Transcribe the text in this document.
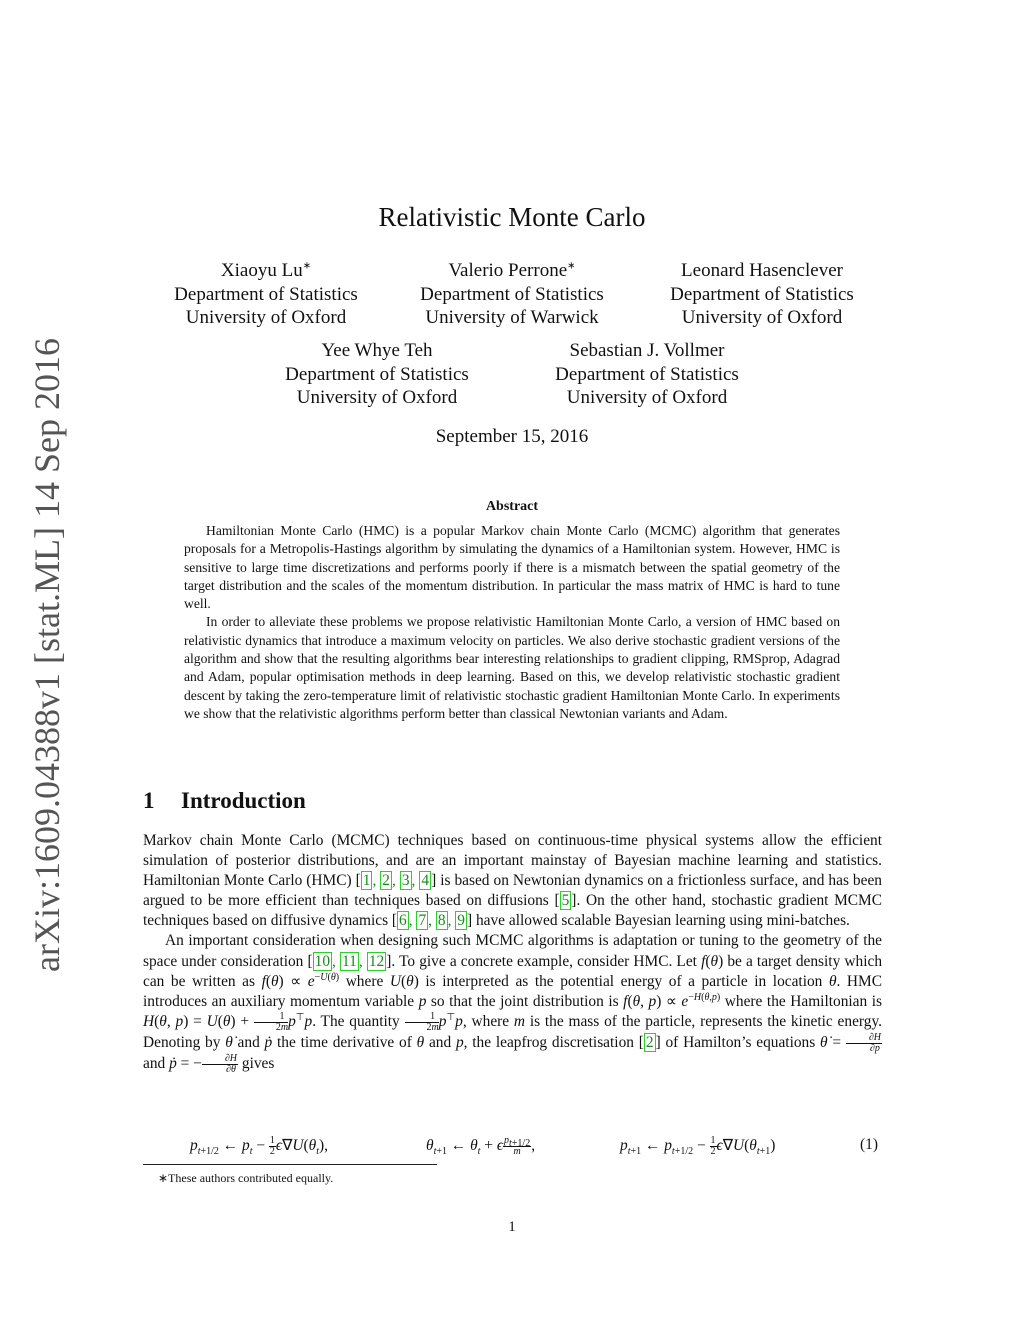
arXiv:1609.04388v1 [stat.ML] 14 Sep 2016
Relativistic Monte Carlo
Xiaoyu Lu∗
Department of Statistics
University of Oxford
Valerio Perrone∗
Department of Statistics
University of Warwick
Leonard Hasenclever
Department of Statistics
University of Oxford
Yee Whye Teh
Department of Statistics
University of Oxford
Sebastian J. Vollmer
Department of Statistics
University of Oxford
September 15, 2016
Abstract

Hamiltonian Monte Carlo (HMC) is a popular Markov chain Monte Carlo (MCMC) algorithm that generates proposals for a Metropolis-Hastings algorithm by simulating the dynamics of a Hamiltonian system. However, HMC is sensitive to large time discretizations and performs poorly if there is a mismatch between the spatial geometry of the target distribution and the scales of the momentum distribution. In particular the mass matrix of HMC is hard to tune well.

In order to alleviate these problems we propose relativistic Hamiltonian Monte Carlo, a version of HMC based on relativistic dynamics that introduce a maximum velocity on particles. We also derive stochastic gradient versions of the algorithm and show that the resulting algorithms bear interesting relationships to gradient clipping, RMSprop, Adagrad and Adam, popular optimisation methods in deep learning. Based on this, we develop relativistic stochastic gradient descent by taking the zero-temperature limit of relativistic stochastic gradient Hamiltonian Monte Carlo. In experiments we show that the relativistic algorithms perform better than classical Newtonian variants and Adam.

1 Introduction

Markov chain Monte Carlo (MCMC) techniques based on continuous-time physical systems allow the efficient simulation of posterior distributions, and are an important mainstay of Bayesian machine learning and statistics. Hamiltonian Monte Carlo (HMC) [ 1 , 2 , 3 , 4 ] is based on Newtonian dynamics on a frictionless surface, and has been argued to be more efficient than techniques based on diffusions [ 5 ]. On the other hand, stochastic gradient MCMC techniques based on diffusive dynamics [ 6 , 7 , 8 , 9 ] have allowed scalable Bayesian learning using mini-batches.

An important consideration when designing such MCMC algorithms is adaptation or tuning to the geometry of the space under consideration [ 10 , 11 , 12 ]. To give a concrete example, consider HMC. Let f(θ) be a target density which can be written as $f(\theta) \propto e^{-U(\theta)}$ where U(θ) is interpreted as the potential energy of a particle in location θ. HMC introduces an auxiliary momentum variable p so that the joint distribution is f(θ, $p) \propto e^{-H(\theta,p)}$ where the Hamiltonian is H(θ, $p) = U(\theta) + \frac{1}{2m} p^⊤p$. The quantity $\frac{1}{2m} p^⊤p$, where m is the mass of the particle, represents the kinetic energy. Denoting by θ̇ and ṗ the time derivative of θ and p, the leapfrog discretisation [ 2 ] of Hamilton’s equations θ̇ = $\frac{\partial H}{\partial p}$
and ṗ = − $\frac{\partial H}{\partial\theta}$ gives

$p_{t+1/2}$ ← $p_t - \frac{1}{2} \epsilon\nabla U(\theta_t)$,	$\theta_{t+1}$ ← $\theta_t + \epsilon \frac{p_{t+1/2}}{m}$ ,	$p_{t+1}$ ← $p_{t+1/2} - \frac{1}{2} \epsilon\nabla U(\theta_{t+1})$	(1)
∗These authors contributed equally.
1
